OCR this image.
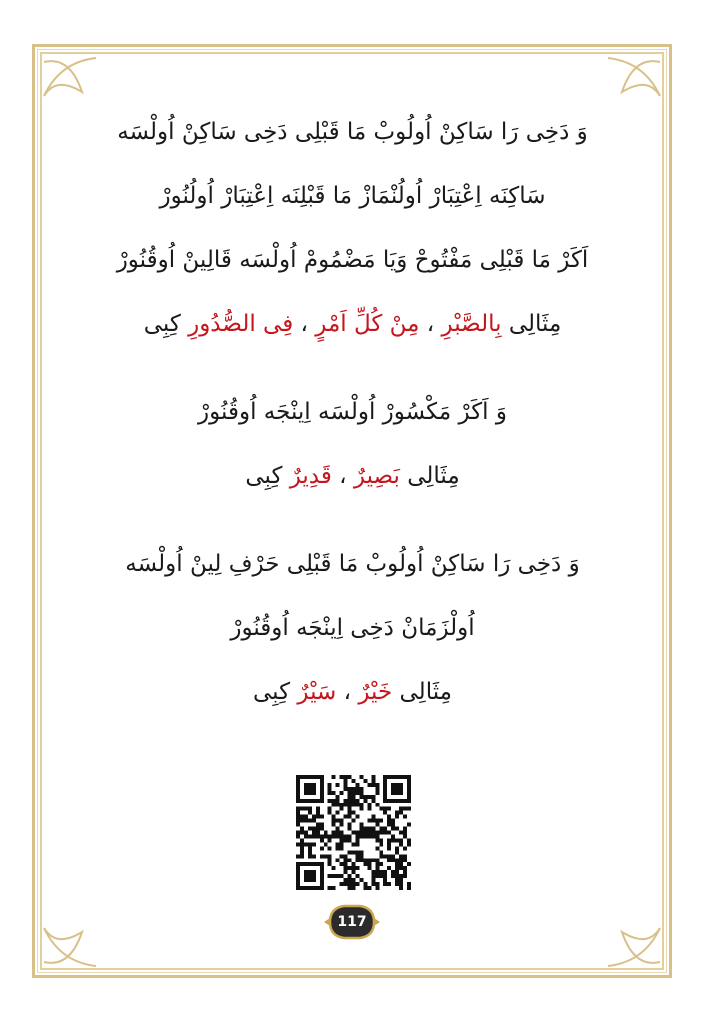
وَ دَخِى رَا سَاكِنْ اُولُوبْ مَا قَبْلِى دَخِى سَاكِنْ اُولْسَه
سَاكِنَه اِعْتِبَارْ اُولُنْمَازْ مَا قَبْلِنَه اِعْتِبَارْ اُولُنُورْ
اَكَرْ مَا قَبْلِى مَفْتُوحْ وَيَا مَضْمُومْ اُولْسَه قَالِينْ اُوقُنُورْ
مِثَالِى بِالصَّبْرِ ، مِنْ كُلِّ اَمْرٍ ، فِى الصُّدُورِ كِبِى
وَ اَكَرْ مَكْسُورْ اُولْسَه اِينْجَه اُوقُنُورْ
مِثَالِى بَصِيرٌ ، قَدِيرٌ كِبِى
وَ دَخِى رَا سَاكِنْ اُولُوبْ مَا قَبْلِى حَرْفِ لِينْ اُولْسَه
اُولْزَمَانْ دَخِى اِينْجَه اُوقُنُورْ
مِثَالِى خَيْرٌ ، سَيْرٌ كِبِى
117
